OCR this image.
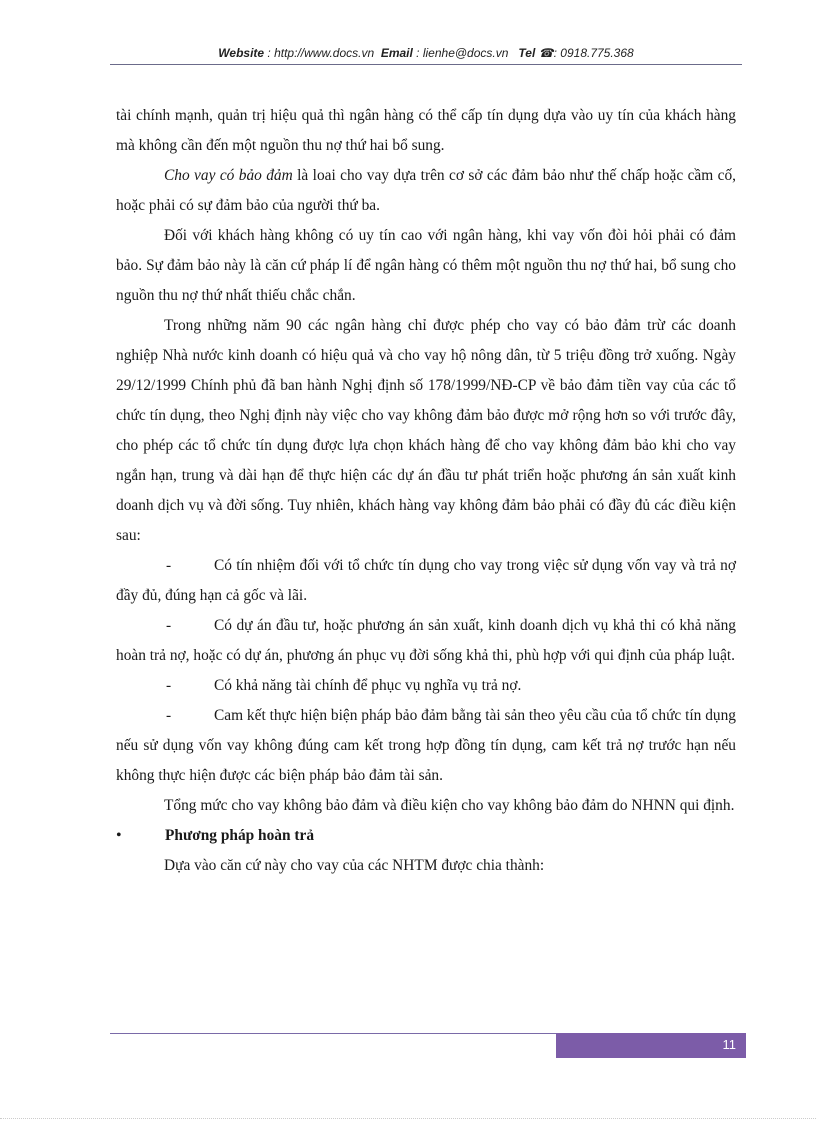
Website : http://www.docs.vn Email : lienhe@docs.vn Tel ☎: 0918.775.368

tài chính mạnh, quản trị hiệu quả thì ngân hàng có thể cấp tín dụng dựa vào uy tín của khách hàng mà không cần đến một nguồn thu nợ thứ hai bổ sung.

Cho vay có bảo đảm là loai cho vay dựa trên cơ sở các đảm bảo như thế chấp hoặc cầm cố, hoặc phải có sự đảm bảo của người thứ ba.

Đối với khách hàng không có uy tín cao với ngân hàng, khi vay vốn đòi hỏi phải có đảm bảo. Sự đảm bảo này là căn cứ pháp lí để ngân hàng có thêm một nguồn thu nợ thứ hai, bổ sung cho nguồn thu nợ thứ nhất thiếu chắc chắn.

Trong những năm 90 các ngân hàng chỉ được phép cho vay có bảo đảm trừ các doanh nghiệp Nhà nước kinh doanh có hiệu quả và cho vay hộ nông dân, từ 5 triệu đồng trở xuống. Ngày 29/12/1999 Chính phủ đã ban hành Nghị định số 178/1999/NĐ-CP về bảo đảm tiền vay của các tổ chức tín dụng, theo Nghị định này việc cho vay không đảm bảo được mở rộng hơn so với trước đây, cho phép các tổ chức tín dụng được lựa chọn khách hàng để cho vay không đảm bảo khi cho vay ngắn hạn, trung và dài hạn để thực hiện các dự án đầu tư phát triển hoặc phương án sản xuất kinh doanh dịch vụ và đời sống. Tuy nhiên, khách hàng vay không đảm bảo phải có đầy đủ các điều kiện sau:

-	Có tín nhiệm đối với tổ chức tín dụng cho vay trong việc sử dụng vốn vay và trả nợ đầy đủ, đúng hạn cả gốc và lãi.

-	Có dự án đầu tư, hoặc phương án sản xuất, kinh doanh dịch vụ khả thi có khả năng hoàn trả nợ, hoặc có dự án, phương án phục vụ đời sống khả thi, phù hợp với qui định của pháp luật.

-	Có khả năng tài chính để phục vụ nghĩa vụ trả nợ.

-	Cam kết thực hiện biện pháp bảo đảm bằng tài sản theo yêu cầu của tổ chức tín dụng nếu sử dụng vốn vay không đúng cam kết trong hợp đồng tín dụng, cam kết trả nợ trước hạn nếu không thực hiện được các biện pháp bảo đảm tài sản.

Tổng mức cho vay không bảo đảm và điều kiện cho vay không bảo đảm do NHNN qui định.

•	Phương pháp hoàn trả

Dựa vào căn cứ này cho vay của các NHTM được chia thành:

11
